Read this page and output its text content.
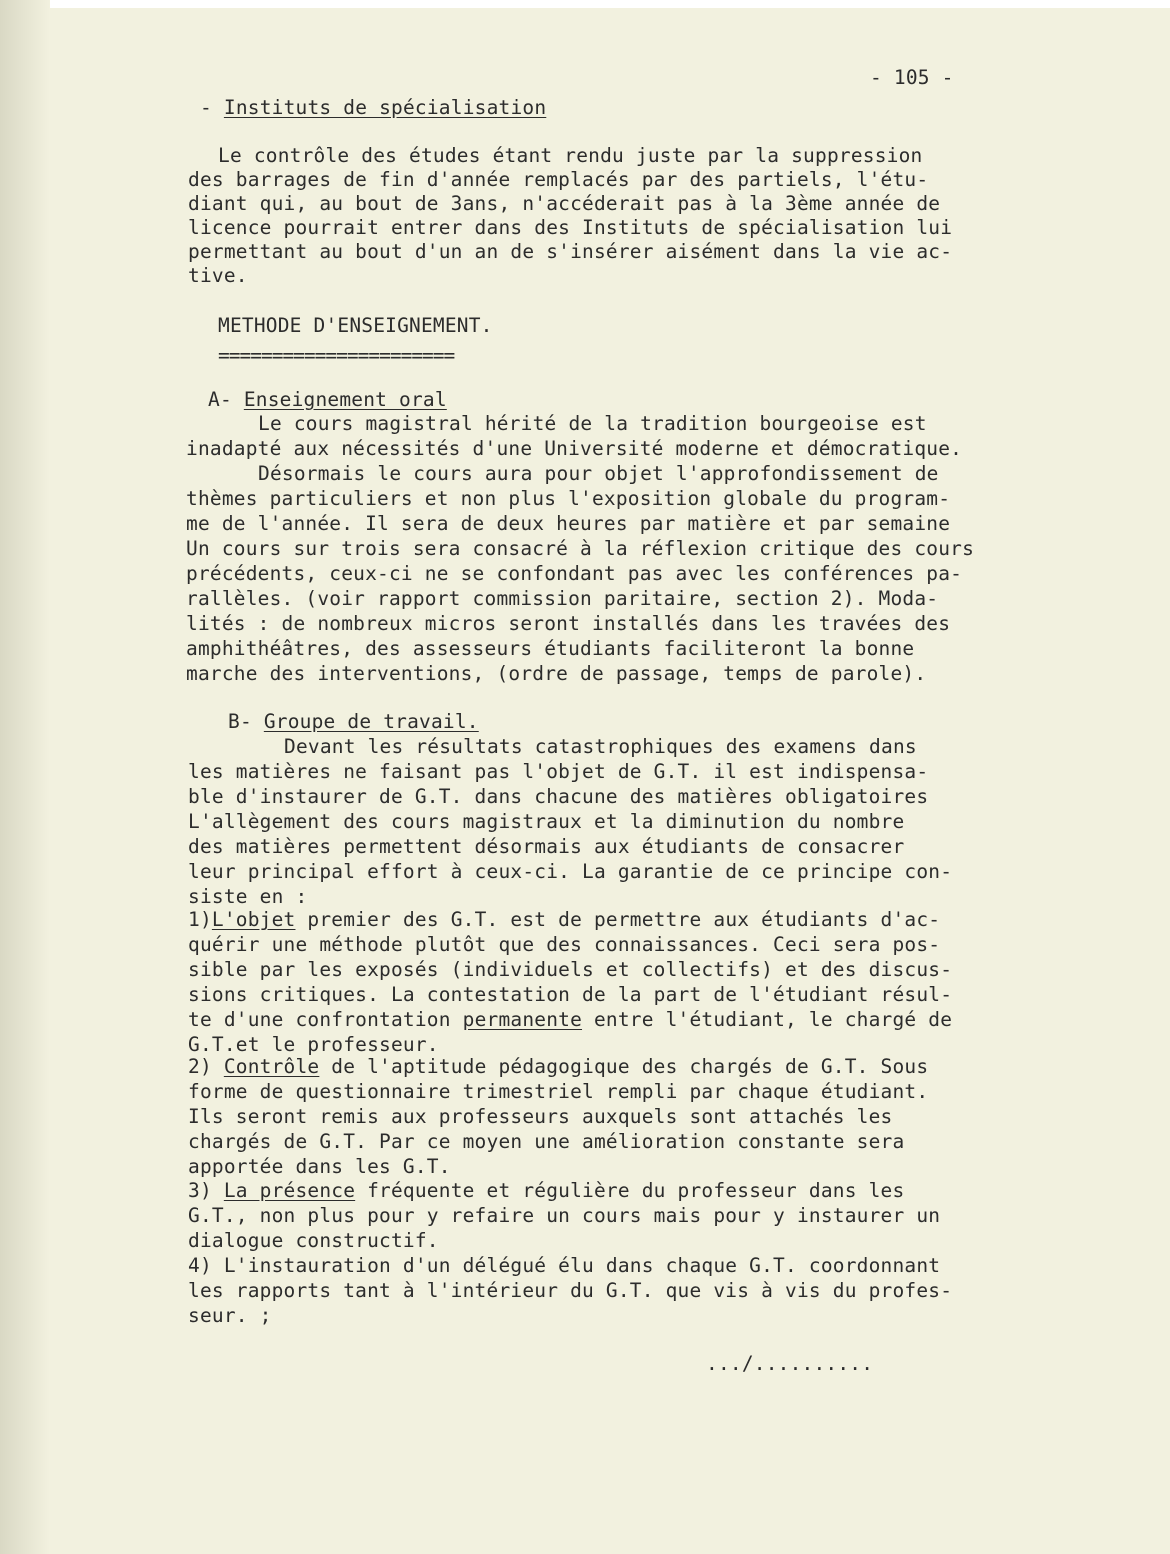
- 105 -
- Instituts de spécialisation
Le contrôle des études étant rendu juste par la suppression
des barrages de fin d'année remplacés par des partiels, l'étu-
diant qui, au bout de 3ans, n'accéderait pas à la 3ème année de
licence pourrait entrer dans des Instituts de spécialisation lui
permettant au bout d'un an de s'insérer aisément dans la vie ac-
tive.
METHODE D'ENSEIGNEMENT.
======================
A- Enseignement oral
Le cours magistral hérité de la tradition bourgeoise est
inadapté aux nécessités d'une Université moderne et démocratique.
Désormais le cours aura pour objet l'approfondissement de
thèmes particuliers et non plus l'exposition globale du program-
me de l'année. Il sera de deux heures par matière et par semaine
Un cours sur trois sera consacré à la réflexion critique des cours
précédents, ceux-ci ne se confondant pas avec les conférences pa-
rallèles. (voir rapport commission paritaire, section 2). Moda-
lités : de nombreux micros seront installés dans les travées des
amphithéâtres, des assesseurs étudiants faciliteront la bonne
marche des interventions, (ordre de passage, temps de parole).
B- Groupe de travail.
Devant les résultats catastrophiques des examens dans
les matières ne faisant pas l'objet de G.T. il est indispensa-
ble d'instaurer de G.T. dans chacune des matières obligatoires
L'allègement des cours magistraux et la diminution du nombre
des matières permettent désormais aux étudiants de consacrer
leur principal effort à ceux-ci. La garantie de ce principe con-
siste en :
1)L'objet premier des G.T. est de permettre aux étudiants d'ac-
quérir une méthode plutôt que des connaissances. Ceci sera pos-
sible par les exposés (individuels et collectifs) et des discus-
sions critiques. La contestation de la part de l'étudiant résul-
te d'une confrontation permanente entre l'étudiant, le chargé de
G.T.et le professeur.
2) Contrôle de l'aptitude pédagogique des chargés de G.T. Sous
forme de questionnaire trimestriel rempli par chaque étudiant.
Ils seront remis aux professeurs auxquels sont attachés les
chargés de G.T. Par ce moyen une amélioration constante sera
apportée dans les G.T.
3) La présence fréquente et régulière du professeur dans les
G.T., non plus pour y refaire un cours mais pour y instaurer un
dialogue constructif.
4) L'instauration d'un délégué élu dans chaque G.T. coordonnant
les rapports tant à l'intérieur du G.T. que vis à vis du profes-
seur. ;
.../..........
